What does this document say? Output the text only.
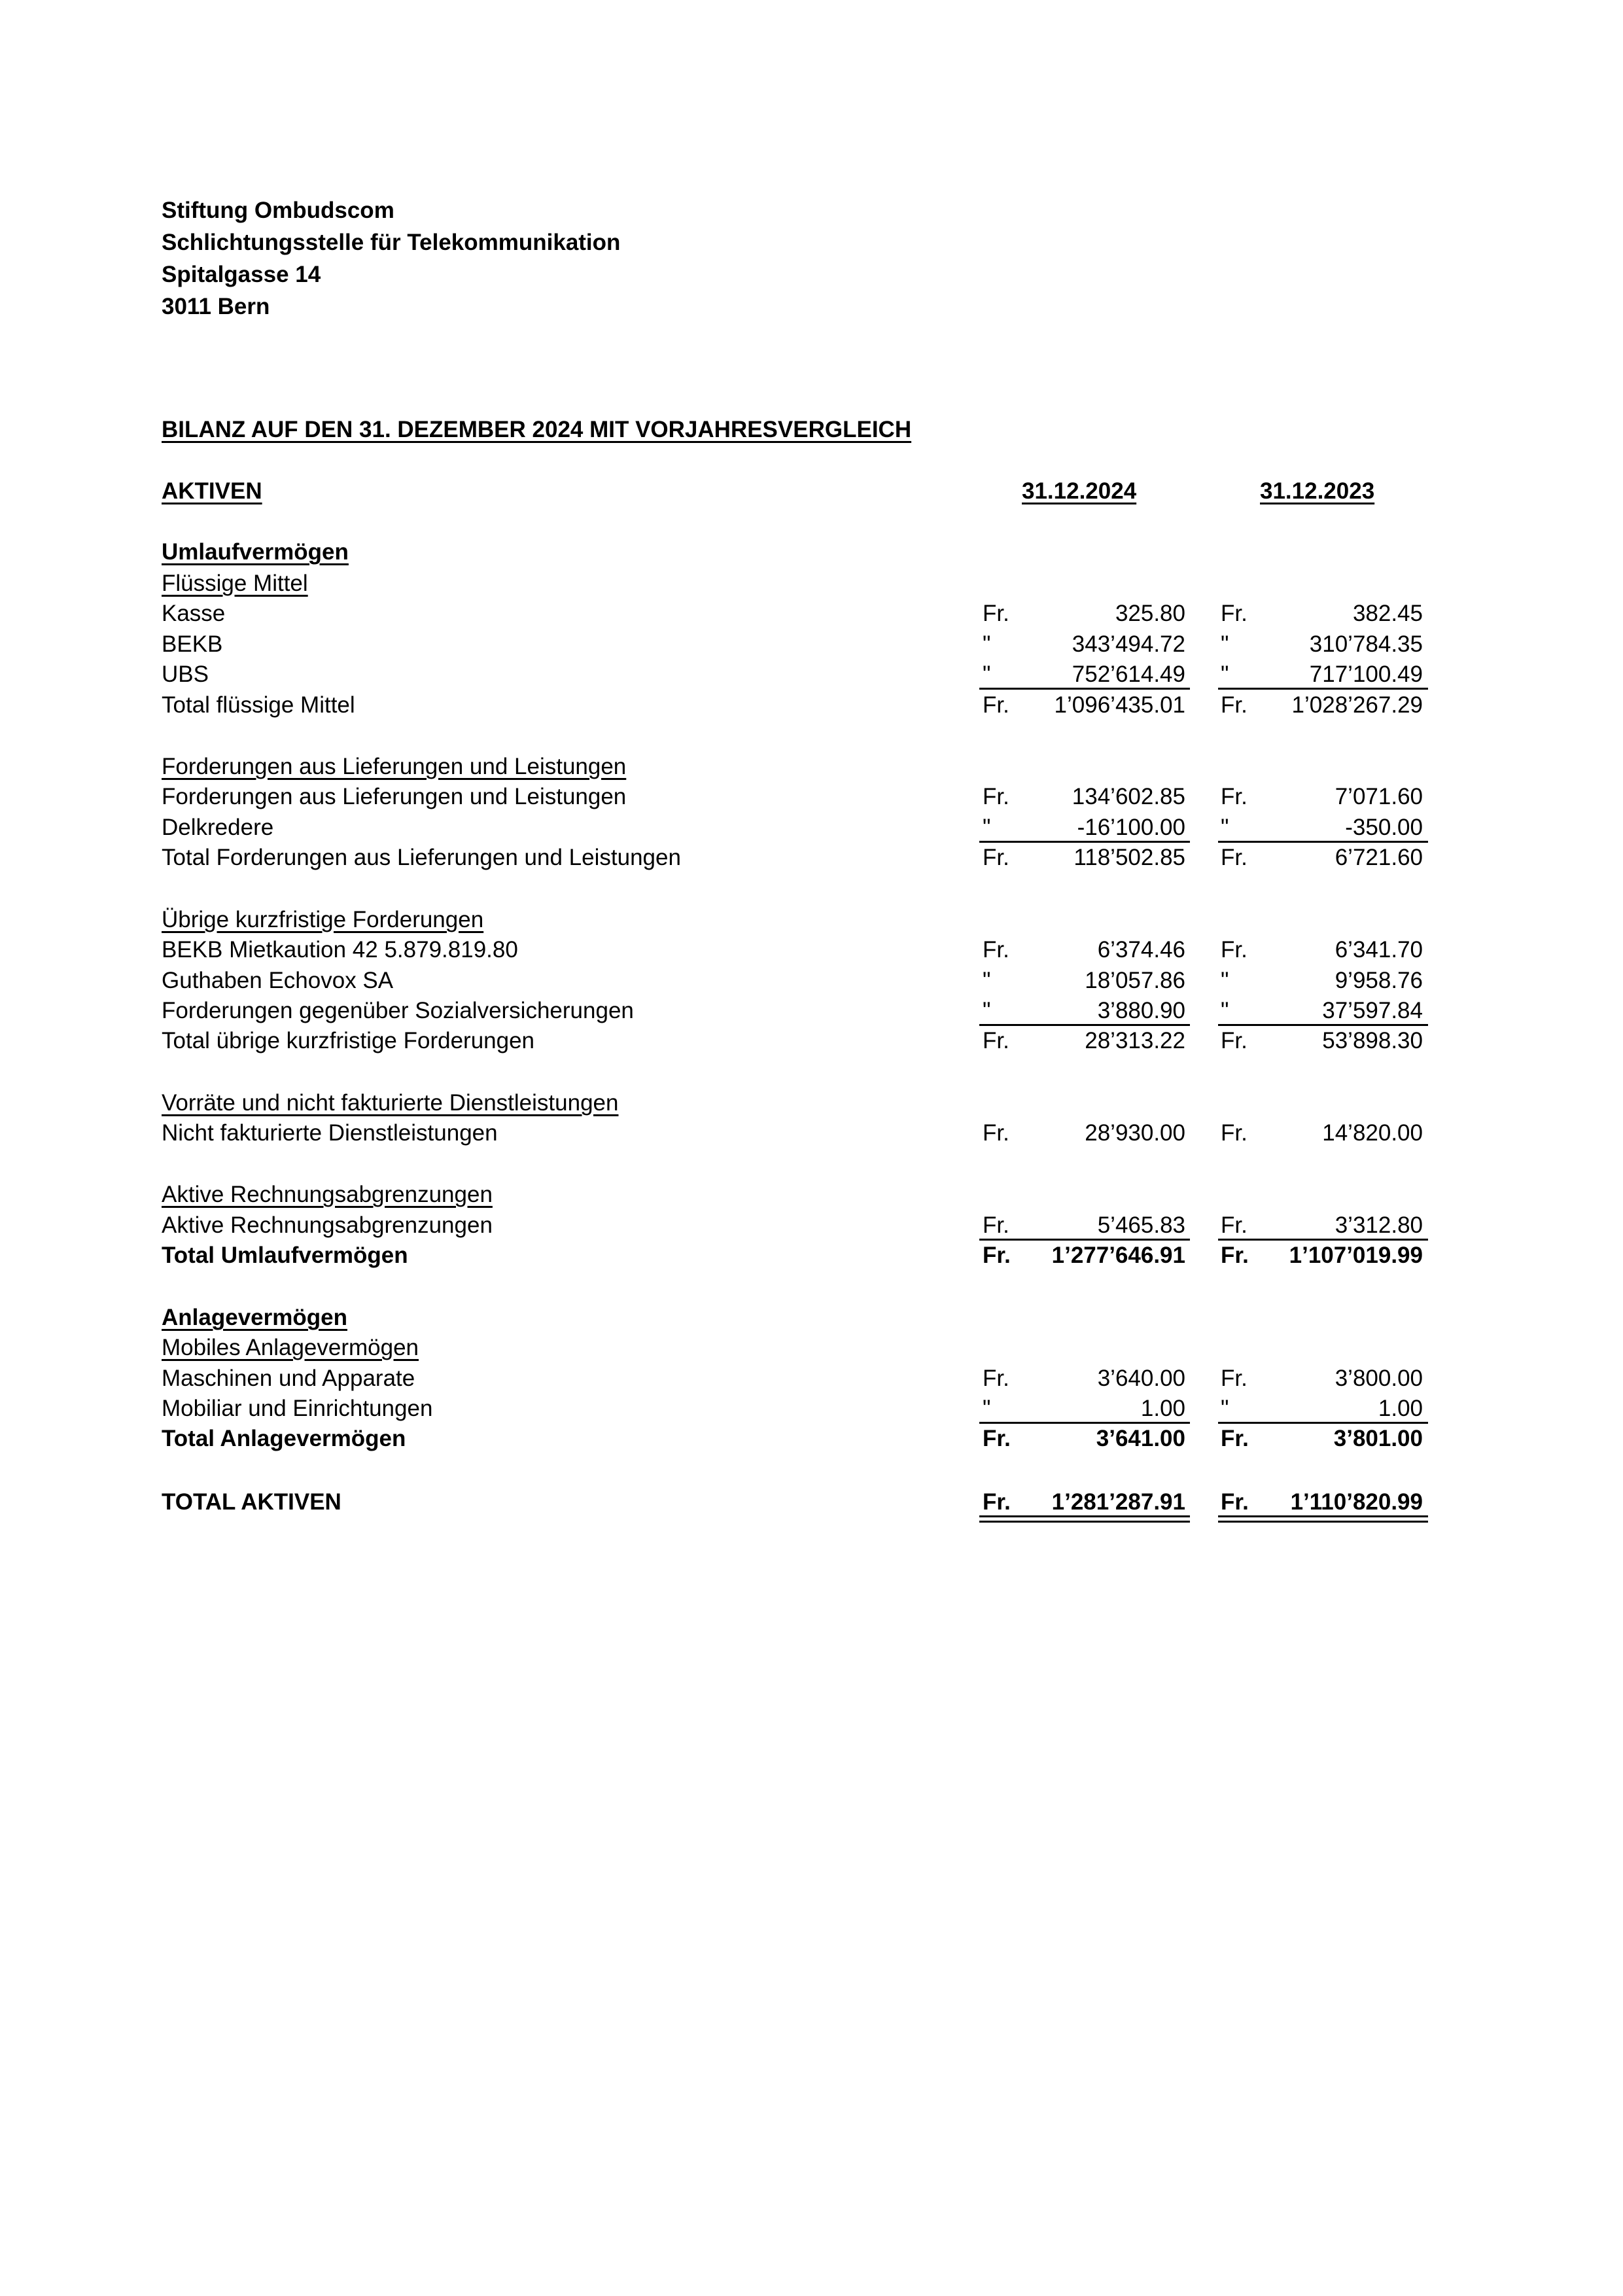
Stiftung Ombudscom
Schlichtungsstelle für Telekommunikation
Spitalgasse 14
3011 Bern
BILANZ AUF DEN 31. DEZEMBER 2024 MIT VORJAHRESVERGLEICH
AKTIVEN	31.12.2024	31.12.2023
Umlaufvermögen
Flüssige Mittel
Kasse	Fr.	325.80 Fr.	382.45
BEKB	"	343’494.72 "	310’784.35
UBS	"	752’614.49 "	717’100.49
Total flüssige Mittel	Fr. 1’096’435.01 Fr. 1’028’267.29
Forderungen aus Lieferungen und Leistungen
Forderungen aus Lieferungen und Leistungen	Fr.	134’602.85 Fr.	7’071.60
Delkredere	"	-16’100.00 "	-350.00
Total Forderungen aus Lieferungen und Leistungen	Fr.	118’502.85 Fr.	6’721.60
Übrige kurzfristige Forderungen
BEKB Mietkaution 42 5.879.819.80	Fr.	6’374.46 Fr.	6’341.70
Guthaben Echovox SA	"	18’057.86 "	9’958.76
Forderungen gegenüber Sozialversicherungen	"	3’880.90 "	37’597.84
Total übrige kurzfristige Forderungen	Fr.	28’313.22 Fr.	53’898.30
Vorräte und nicht fakturierte Dienstleistungen
Nicht fakturierte Dienstleistungen	Fr.	28’930.00 Fr.	14’820.00
Aktive Rechnungsabgrenzungen
Aktive Rechnungsabgrenzungen	Fr.	5’465.83 Fr.	3’312.80
Total Umlaufvermögen	Fr. 1’277’646.91 Fr. 1’107’019.99
Anlagevermögen
Mobiles Anlagevermögen
Maschinen und Apparate	Fr.	3’640.00 Fr.	3’800.00
Mobiliar und Einrichtungen	"	1.00 "	1.00
Total Anlagevermögen	Fr.	3’641.00 Fr.	3’801.00
TOTAL AKTIVEN	Fr. 1’281’287.91 Fr. 1’110’820.99
